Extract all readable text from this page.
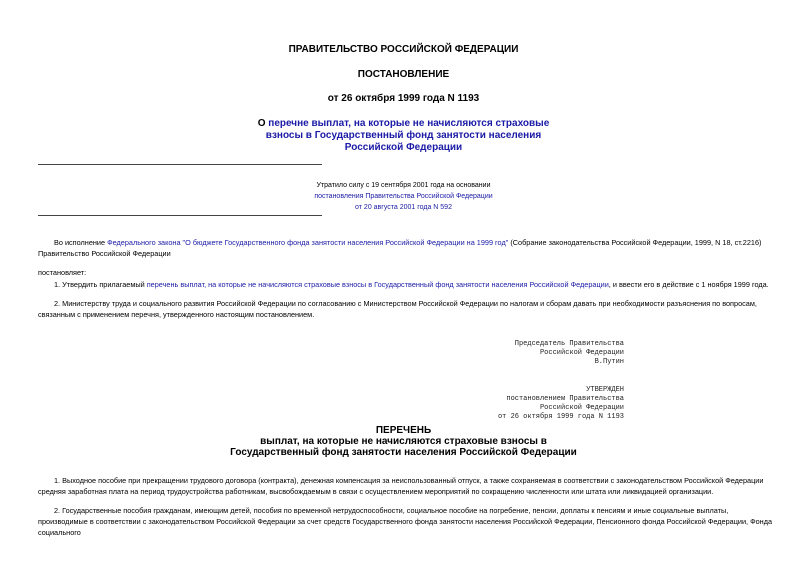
ПРАВИТЕЛЬСТВО РОССИЙСКОЙ ФЕДЕРАЦИИ
ПОСТАНОВЛЕНИЕ
от 26 октября 1999 года N 1193
О перечне выплат, на которые не начисляются страховые взносы в Государственный фонд занятости населения Российской Федерации
Утратило силу с 19 сентября 2001 года на основании
постановления Правительства Российской Федерации
от 20 августа 2001 года N 592
Во исполнение Федерального закона "О бюджете Государственного фонда занятости населения Российской Федерации на 1999 год" (Собрание законодательства Российской Федерации, 1999, N 18, ст.2216) Правительство Российской Федерации
постановляет:
1. Утвердить прилагаемый перечень выплат, на которые не начисляются страховые взносы в Государственный фонд занятости населения Российской Федерации, и ввести его в действие с 1 ноября 1999 года.
2. Министерству труда и социального развития Российской Федерации по согласованию с Министерством Российской Федерации по налогам и сборам давать при необходимости разъяснения по вопросам, связанным с применением перечня, утвержденного настоящим постановлением.
Председатель Правительства
Российской Федерации
В.Путин
УТВЕРЖДЕН
постановлением Правительства
Российской Федерации
от 26 октября 1999 года N 1193
ПЕРЕЧЕНЬ
выплат, на которые не начисляются страховые взносы в
Государственный фонд занятости населения Российской Федерации
1. Выходное пособие при прекращении трудового договора (контракта), денежная компенсация за неиспользованный отпуск, а также сохраняемая в соответствии с законодательством Российской Федерации средняя заработная плата на период трудоустройства работникам, высвобождаемым в связи с осуществлением мероприятий по сокращению численности или штата или ликвидацией организации.
2. Государственные пособия гражданам, имеющим детей, пособия по временной нетрудоспособности, социальное пособие на погребение, пенсии, доплаты к пенсиям и иные социальные выплаты, производимые в соответствии с законодательством Российской Федерации за счет средств Государственного фонда занятости населения Российской Федерации, Пенсионного фонда Российской Федерации, Фонда социального
